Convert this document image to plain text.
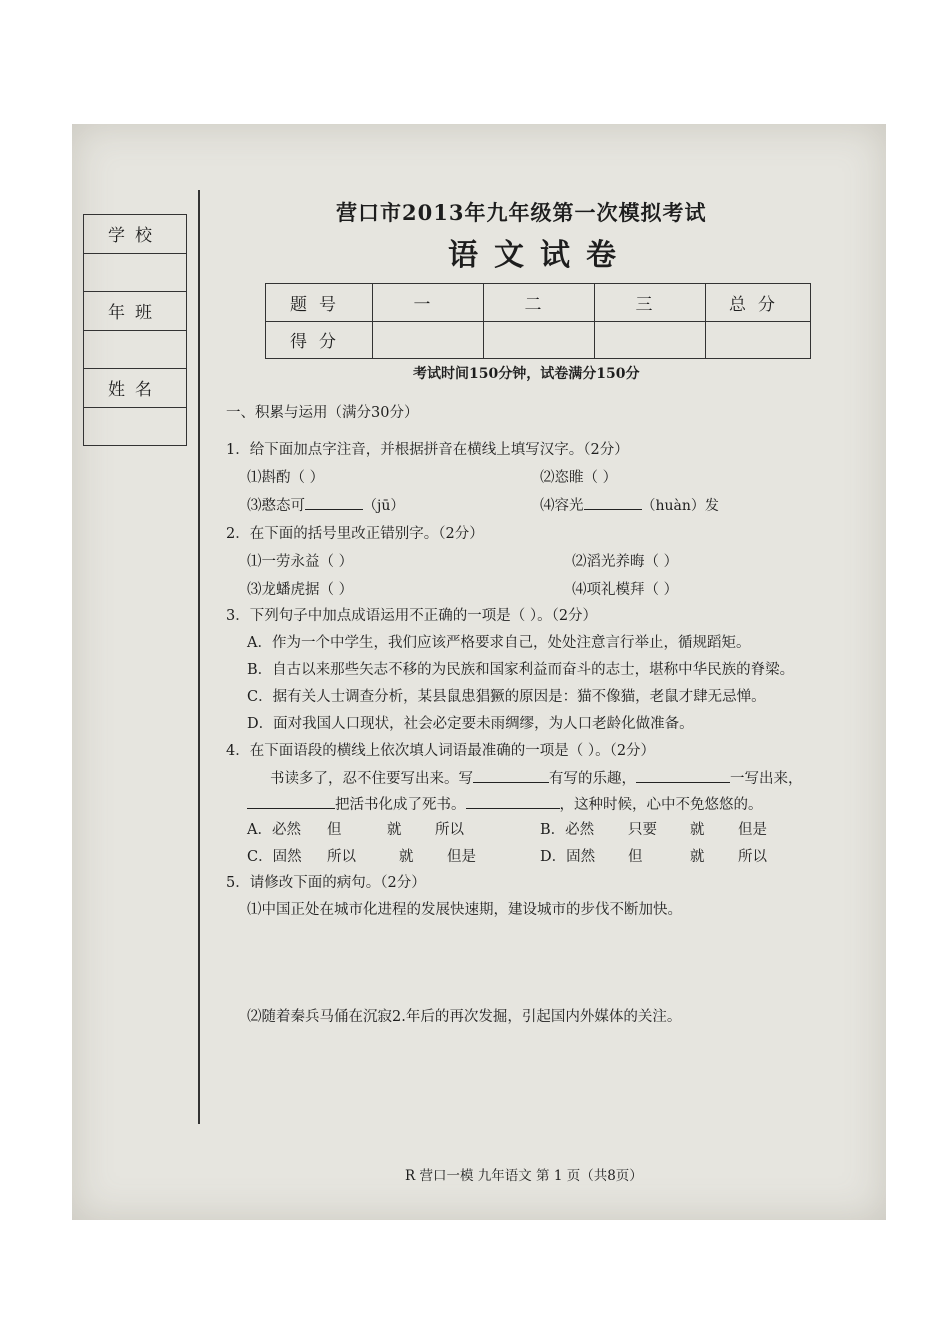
学校

年班

姓名

营口市2013年九年级第一次模拟考试
语文试卷
题号	一	二	三	总分
得分				
考试时间150分钟，试卷满分150分
一、积累与运用（满分30分）
1．给下面加点字注音，并根据拼音在横线上填写汉字。（2分）
⑴斟酌（ ）	⑵恣睢（ ）
⑶憨态可	（jū）	⑷容光	（huàn）发
2．在下面的括号里改正错别字。（2分）
⑴一劳永益（ ）	⑵滔光养晦（ ）
⑶龙蟠虎据（ ）	⑷项礼模拜（ ）
3．下列句子中加点成语运用不正确的一项是（ ）。（2分）
A．作为一个中学生，我们应该严格要求自己，处处注意言行举止，循规蹈矩。
B．自古以来那些矢志不移的为民族和国家利益而奋斗的志士，堪称中华民族的脊梁。
C．据有关人士调查分析，某县鼠患猖獗的原因是：猫不像猫，老鼠才肆无忌惮。
D．面对我国人口现状，社会必定要未雨绸缪，为人口老龄化做准备。
4．在下面语段的横线上依次填人词语最准确的一项是（ ）。（2分）
书读多了，忍不住要写出来。写	有写的乐趣，	一写出来，
把活书化成了死书。	，这种时候，心中不免悠悠的。
A．必然 但	就 所以	B．必然 只要 就 但是
C．固然 所以	就 但是	D．固然 但	就 所以
5．请修改下面的病句。（2分）
⑴中国正处在城市化进程的发展快速期，建设城市的步伐不断加快。
⑵随着秦兵马俑在沉寂2.年后的再次发掘，引起国内外媒体的关注。
R 营口一模 九年语文 第 1 页（共8页）
